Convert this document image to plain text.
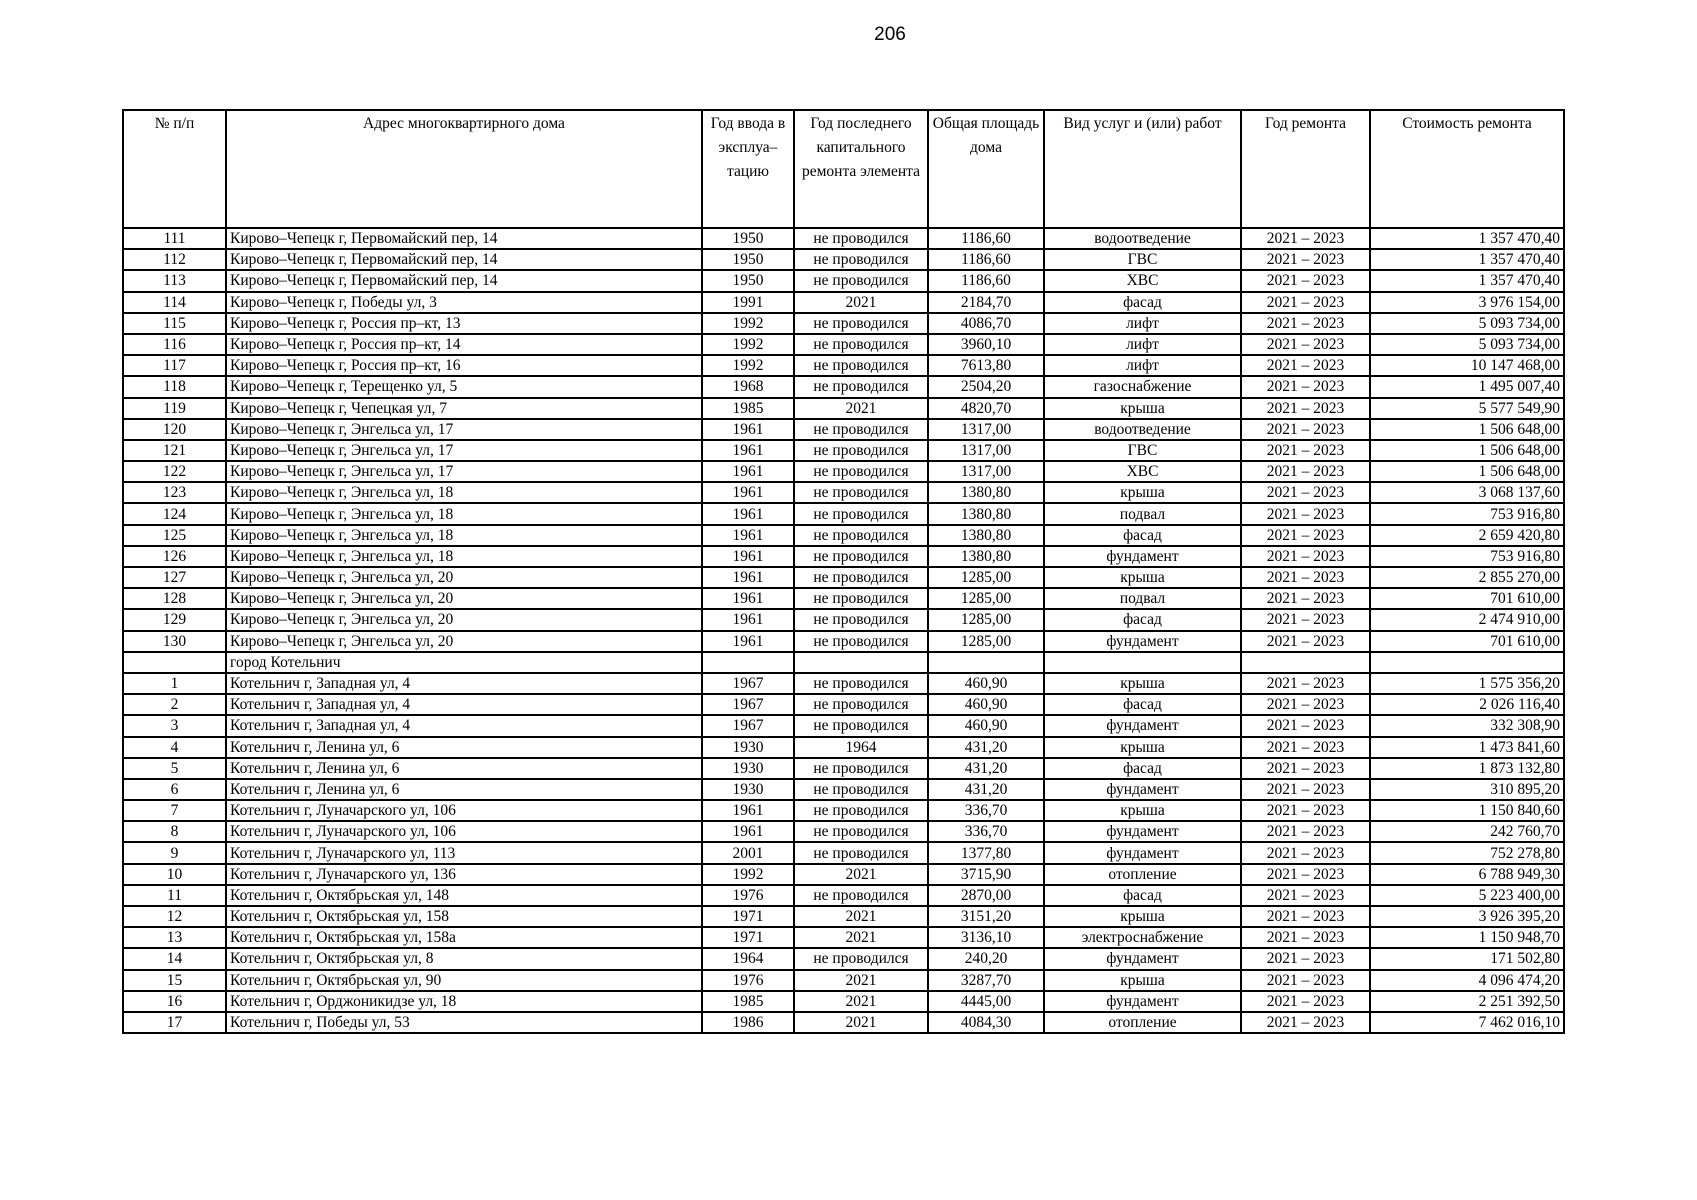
206
№ п/п	Адрес многоквартирного дома	Год ввода в эксплуа–тацию	Год последнего капитального ремонта элемента	Общая площадь дома	Вид услуг и (или) работ	Год ремонта	Стоимость ремонта
111	Кирово–Чепецк г, Первомайский пер, 14	1950	не проводился	1186,60	водоотведение	2021 – 2023	1 357 470,40
112	Кирово–Чепецк г, Первомайский пер, 14	1950	не проводился	1186,60	ГВС	2021 – 2023	1 357 470,40
113	Кирово–Чепецк г, Первомайский пер, 14	1950	не проводился	1186,60	ХВС	2021 – 2023	1 357 470,40
114	Кирово–Чепецк г, Победы ул, 3	1991	2021	2184,70	фасад	2021 – 2023	3 976 154,00
115	Кирово–Чепецк г, Россия пр–кт, 13	1992	не проводился	4086,70	лифт	2021 – 2023	5 093 734,00
116	Кирово–Чепецк г, Россия пр–кт, 14	1992	не проводился	3960,10	лифт	2021 – 2023	5 093 734,00
117	Кирово–Чепецк г, Россия пр–кт, 16	1992	не проводился	7613,80	лифт	2021 – 2023	10 147 468,00
118	Кирово–Чепецк г, Терещенко ул, 5	1968	не проводился	2504,20	газоснабжение	2021 – 2023	1 495 007,40
119	Кирово–Чепецк г, Чепецкая ул, 7	1985	2021	4820,70	крыша	2021 – 2023	5 577 549,90
120	Кирово–Чепецк г, Энгельса ул, 17	1961	не проводился	1317,00	водоотведение	2021 – 2023	1 506 648,00
121	Кирово–Чепецк г, Энгельса ул, 17	1961	не проводился	1317,00	ГВС	2021 – 2023	1 506 648,00
122	Кирово–Чепецк г, Энгельса ул, 17	1961	не проводился	1317,00	ХВС	2021 – 2023	1 506 648,00
123	Кирово–Чепецк г, Энгельса ул, 18	1961	не проводился	1380,80	крыша	2021 – 2023	3 068 137,60
124	Кирово–Чепецк г, Энгельса ул, 18	1961	не проводился	1380,80	подвал	2021 – 2023	753 916,80
125	Кирово–Чепецк г, Энгельса ул, 18	1961	не проводился	1380,80	фасад	2021 – 2023	2 659 420,80
126	Кирово–Чепецк г, Энгельса ул, 18	1961	не проводился	1380,80	фундамент	2021 – 2023	753 916,80
127	Кирово–Чепецк г, Энгельса ул, 20	1961	не проводился	1285,00	крыша	2021 – 2023	2 855 270,00
128	Кирово–Чепецк г, Энгельса ул, 20	1961	не проводился	1285,00	подвал	2021 – 2023	701 610,00
129	Кирово–Чепецк г, Энгельса ул, 20	1961	не проводился	1285,00	фасад	2021 – 2023	2 474 910,00
130	Кирово–Чепецк г, Энгельса ул, 20	1961	не проводился	1285,00	фундамент	2021 – 2023	701 610,00
	город Котельнич						
1	Котельнич г, Западная ул, 4	1967	не проводился	460,90	крыша	2021 – 2023	1 575 356,20
2	Котельнич г, Западная ул, 4	1967	не проводился	460,90	фасад	2021 – 2023	2 026 116,40
3	Котельнич г, Западная ул, 4	1967	не проводился	460,90	фундамент	2021 – 2023	332 308,90
4	Котельнич г, Ленина ул, 6	1930	1964	431,20	крыша	2021 – 2023	1 473 841,60
5	Котельнич г, Ленина ул, 6	1930	не проводился	431,20	фасад	2021 – 2023	1 873 132,80
6	Котельнич г, Ленина ул, 6	1930	не проводился	431,20	фундамент	2021 – 2023	310 895,20
7	Котельнич г, Луначарского ул, 106	1961	не проводился	336,70	крыша	2021 – 2023	1 150 840,60
8	Котельнич г, Луначарского ул, 106	1961	не проводился	336,70	фундамент	2021 – 2023	242 760,70
9	Котельнич г, Луначарского ул, 113	2001	не проводился	1377,80	фундамент	2021 – 2023	752 278,80
10	Котельнич г, Луначарского ул, 136	1992	2021	3715,90	отопление	2021 – 2023	6 788 949,30
11	Котельнич г, Октябрьская ул, 148	1976	не проводился	2870,00	фасад	2021 – 2023	5 223 400,00
12	Котельнич г, Октябрьская ул, 158	1971	2021	3151,20	крыша	2021 – 2023	3 926 395,20
13	Котельнич г, Октябрьская ул, 158а	1971	2021	3136,10	электроснабжение	2021 – 2023	1 150 948,70
14	Котельнич г, Октябрьская ул, 8	1964	не проводился	240,20	фундамент	2021 – 2023	171 502,80
15	Котельнич г, Октябрьская ул, 90	1976	2021	3287,70	крыша	2021 – 2023	4 096 474,20
16	Котельнич г, Орджоникидзе ул, 18	1985	2021	4445,00	фундамент	2021 – 2023	2 251 392,50
17	Котельнич г, Победы ул, 53	1986	2021	4084,30	отопление	2021 – 2023	7 462 016,10
